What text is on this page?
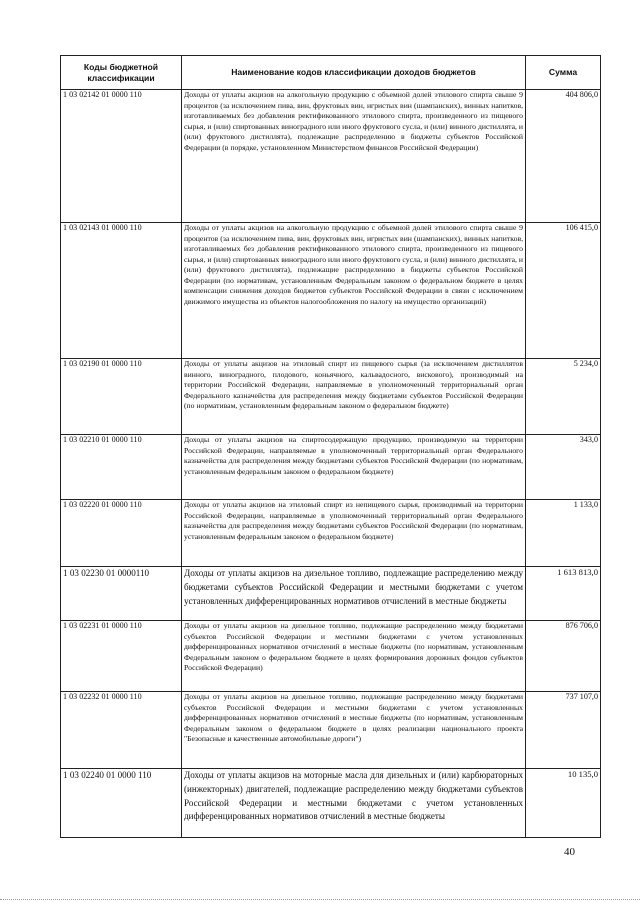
Коды бюджетной классификации	Наименование кодов классификации доходов бюджетов	Сумма
1 03 02142 01 0000 110	Доходы от уплаты акцизов на алкогольную продукцию с объемной долей этилового спирта свыше 9 процентов (за исключением пива, вин, фруктовых вин, игристых вин (шампанских), винных напитков, изготавливаемых без добавления ректификованного этилового спирта, произведенного из пищевого сырья, и (или) спиртованных виноградного или иного фруктового сусла, и (или) винного дистиллята, и (или) фруктового дистиллята), подлежащие распределению в бюджеты субъектов Российской Федерации (в порядке, установленном Министерством финансов Российской Федерации)	404 806,0
1 03 02143 01 0000 110	Доходы от уплаты акцизов на алкогольную продукцию с объемной долей этилового спирта свыше 9 процентов (за исключением пива, вин, фруктовых вин, игристых вин (шампанских), винных напитков, изготавливаемых без добавления ректификованного этилового спирта, произведенного из пищевого сырья, и (или) спиртованных виноградного или иного фруктового сусла, и (или) винного дистиллята, и (или) фруктового дистиллята), подлежащие распределению в бюджеты субъектов Российской Федерации (по нормативам, установленным Федеральным законом о федеральном бюджете в целях компенсации снижения доходов бюджетов субъектов Российской Федерации в связи с исключением движимого имущества из объектов налогообложения по налогу на имущество организаций)	106 415,0
1 03 02190 01 0000 110	Доходы от уплаты акцизов на этиловый спирт из пищевого сырья (за исключением дистиллятов винного, виноградного, плодового, коньячного, кальвадосного, вискового), производимый на территории Российской Федерации, направляемые в уполномоченный территориальный орган Федерального казначейства для распределения между бюджетами субъектов Российской Федерации (по нормативам, установленным федеральным законом о федеральном бюджете)	5 234,0
1 03 02210 01 0000 110	Доходы от уплаты акцизов на спиртосодержащую продукцию, производимую на территории Российской Федерации, направляемые в уполномоченный территориальный орган Федерального казначейства для распределения между бюджетами субъектов Российской Федерации (по нормативам, установленным федеральным законом о федеральном бюджете)	343,0
1 03 02220 01 0000 110	Доходы от уплаты акцизов на этиловый спирт из непищевого сырья, производимый на территории Российской Федерации, направляемые в уполномоченный территориальный орган Федерального казначейства для распределения между бюджетами субъектов Российской Федерации (по нормативам, установленным федеральным законом о федеральном бюджете)	1 133,0
1 03 02230 01 0000110	Доходы от уплаты акцизов на дизельное топливо, подлежащие распределению между бюджетами субъектов Российской Федерации и местными бюджетами с учетом установленных дифференцированных нормативов отчислений в местные бюджеты	1 613 813,0
1 03 02231 01 0000 110	Доходы от уплаты акцизов на дизельное топливо, подлежащие распределению между бюджетами субъектов Российской Федерации и местными бюджетами с учетом установленных дифференцированных нормативов отчислений в местные бюджеты (по нормативам, установленным Федеральным законом о федеральном бюджете в целях формирования дорожных фондов субъектов Российской Федерации)	876 706,0
1 03 02232 01 0000 110	Доходы от уплаты акцизов на дизельное топливо, подлежащие распределению между бюджетами субъектов Российской Федерации и местными бюджетами с учетом установленных дифференцированных нормативов отчислений в местные бюджеты (по нормативам, установленным Федеральным законом о федеральном бюджете в целях реализации национального проекта "Безопасные и качественные автомобильные дороги")	737 107,0
1 03 02240 01 0000 110	Доходы от уплаты акцизов на моторные масла для дизельных и (или) карбюраторных (инжекторных) двигателей, подлежащие распределению между бюджетами субъектов Российской Федерации и местными бюджетами с учетом установленных дифференцированных нормативов отчислений в местные бюджеты	10 135,0
40
